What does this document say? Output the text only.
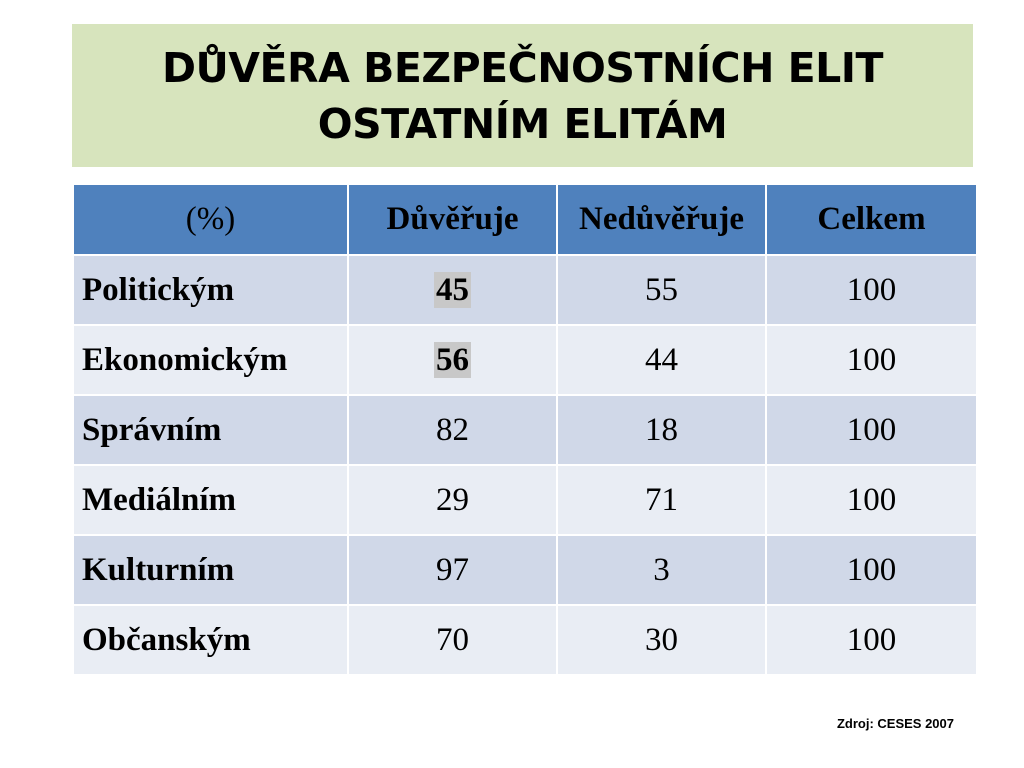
DŮVĚRA BEZPEČNOSTNÍCH ELIT
OSTATNÍM ELITÁM
(%)	Důvěřuje	Nedůvěřuje	Celkem
Politickým	45	55	100
Ekonomickým	56	44	100
Správním	82	18	100
Mediálním	29	71	100
Kulturním	97	3	100
Občanským	70	30	100
Zdroj: CESES 2007
